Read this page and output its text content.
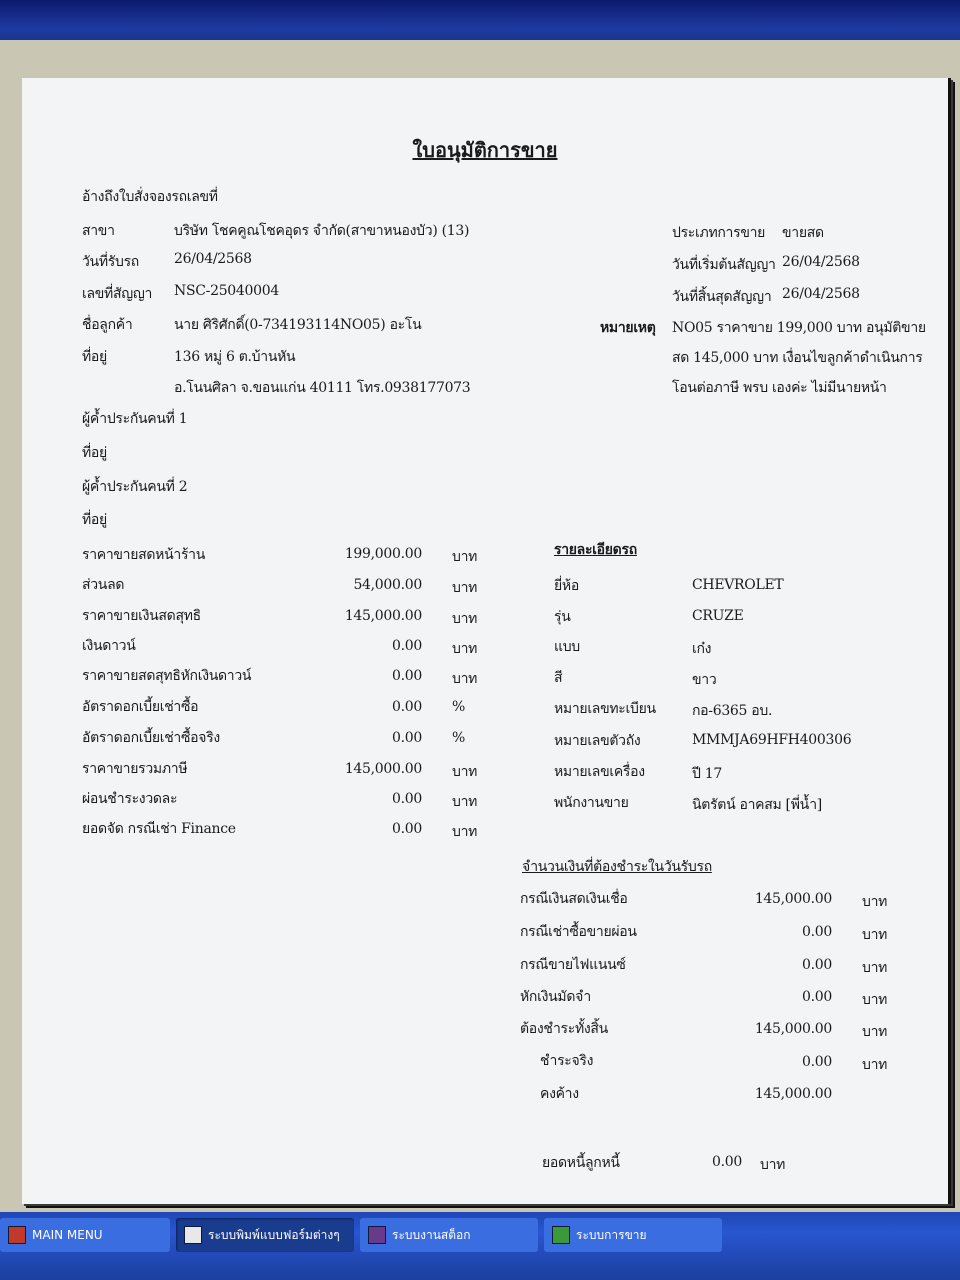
ใบอนุมัติการขาย
อ้างถึงใบสั่งจองรถเลขที่
สาขา	บริษัท โชคคูณโชคอุดร จำกัด(สาขาหนองบัว) (13)
วันที่รับรถ	26/04/2568
เลขที่สัญญา NSC-25040004
ชื่อลูกค้า	นาย ศิริศักดิ์(0-734193114NO05) อะโน
ที่อยู่	136 หมู่ 6 ต.บ้านหัน
อ.โนนศิลา จ.ขอนแก่น 40111 โทร.0938177073
ผู้ค้ำประกันคนที่ 1
ที่อยู่
ผู้ค้ำประกันคนที่ 2
ที่อยู่
ประเภทการขาย ขายสด
วันที่เริ่มต้นสัญญา 26/04/2568
วันที่สิ้นสุดสัญญา 26/04/2568
หมายเหตุ NO05 ราคาขาย 199,000 บาท อนุมัติขาย
สด 145,000 บาท เงื่อนไขลูกค้าดำเนินการ
โอนต่อภาษี พรบ เองค่ะ ไม่มีนายหน้า
ราคาขายสดหน้าร้าน	199,000.00 บาท
ส่วนลด	54,000.00 บาท
ราคาขายเงินสดสุทธิ	145,000.00 บาท
เงินดาวน์	0.00 บาท
ราคาขายสดสุทธิหักเงินดาวน์	0.00 บาท
อัตราดอกเบี้ยเช่าซื้อ	0.00 %
อัตราดอกเบี้ยเช่าซื้อจริง	0.00 %
ราคาขายรวมภาษี	145,000.00 บาท
ผ่อนชำระงวดละ	0.00 บาท
ยอดจัด กรณีเช่า Finance	0.00 บาท
รายละเอียดรถ
ยี่ห้อ	CHEVROLET
รุ่น	CRUZE
แบบ	เก๋ง
สี	ขาว
หมายเลขทะเบียน	กอ-6365 อบ.
หมายเลขตัวถัง	MMMJA69HFH400306
หมายเลขเครื่อง	ปี 17
พนักงานขาย	นิตรัตน์ อาคสม [พี่น้ำ]
จำนวนเงินที่ต้องชำระในวันรับรถ
กรณีเงินสดเงินเชื่อ	145,000.00 บาท
กรณีเช่าซื้อขายผ่อน	0.00 บาท
กรณีขายไฟแนนซ์	0.00 บาท
หักเงินมัดจำ	0.00 บาท
ต้องชำระทั้งสิ้น	145,000.00 บาท
ชำระจริง	0.00 บาท
คงค้าง	145,000.00
ยอดหนี้ลูกหนี้	0.00 บาท
MAIN MENU	ระบบพิมพ์แบบฟอร์มต่างๆ	ระบบงานสต็อก	ระบบการขาย
